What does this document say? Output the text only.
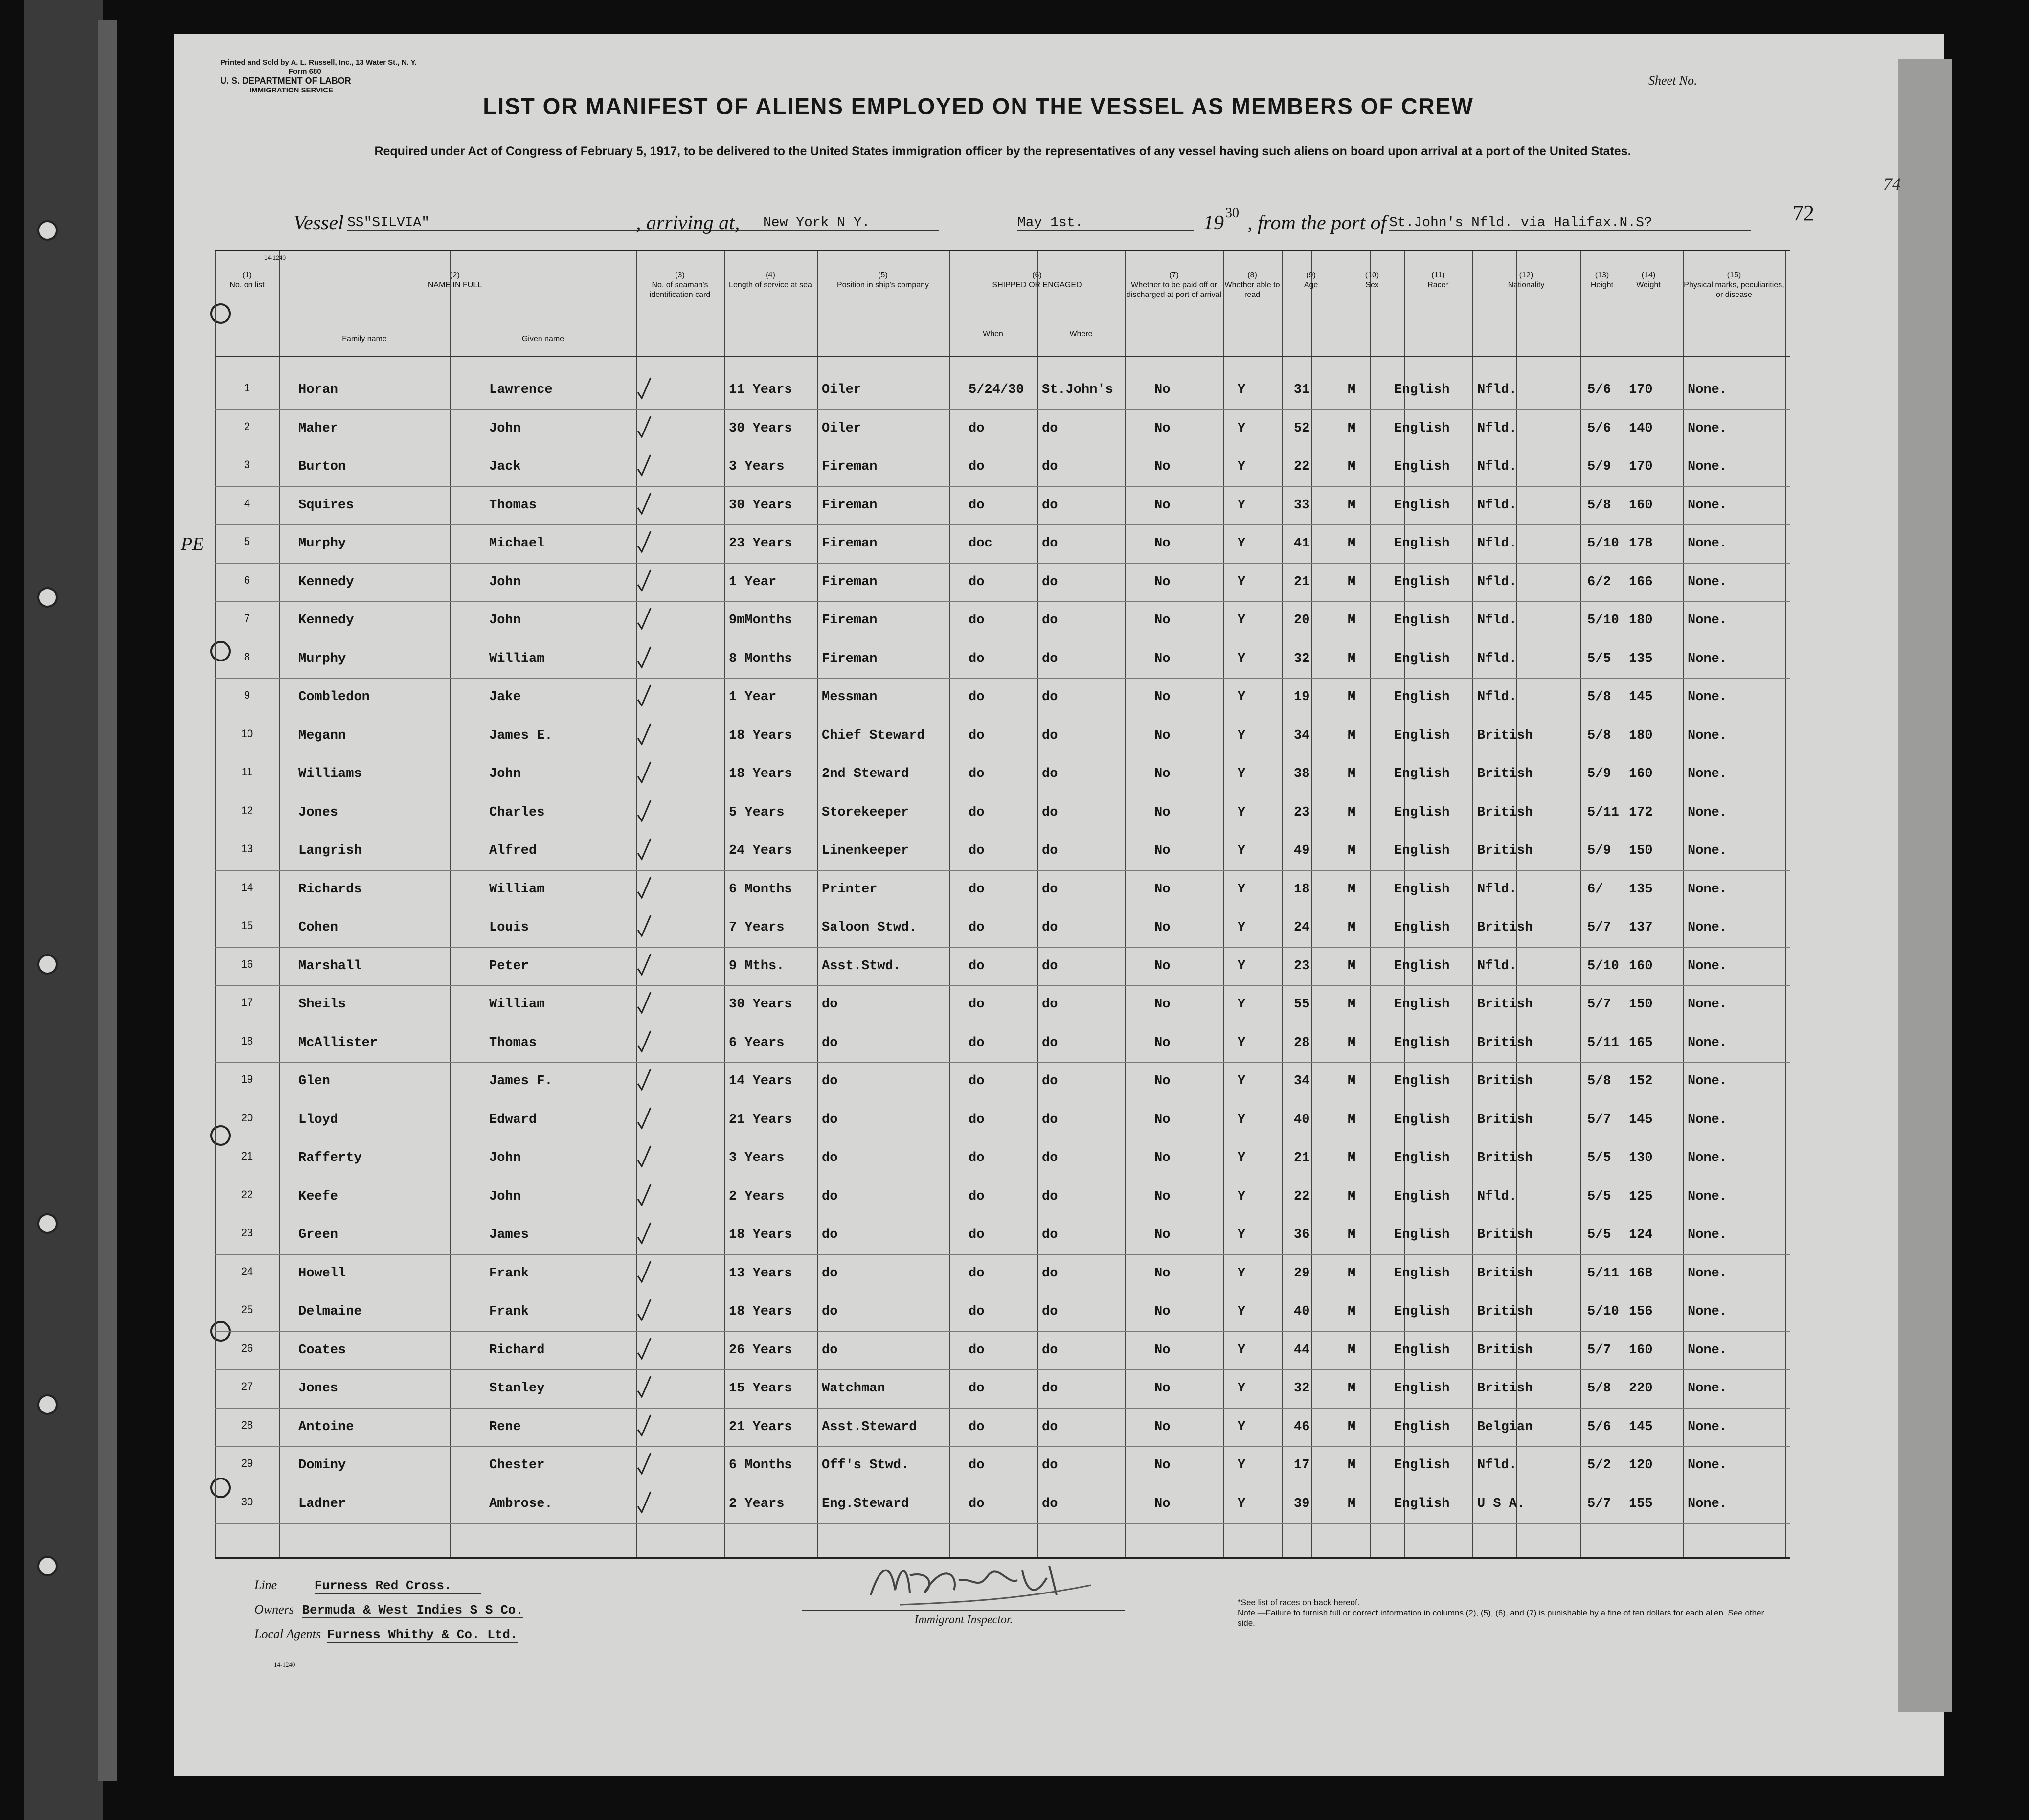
Printed and Sold by A. L. Russell, Inc., 13 Water St., N. Y.
Form 680
U. S. DEPARTMENT OF LABOR
IMMIGRATION SERVICE
Sheet No.
74
LIST OR MANIFEST OF ALIENS EMPLOYED ON THE VESSEL AS MEMBERS OF CREW
Required under Act of Congress of February 5, 1917, to be delivered to the United States immigration officer by the representatives of any vessel having such aliens on board upon arrival at a port of the United States.
Vessel SS"SILVIA"	, arriving at, New York N Y.	May 1st.	19 30 , from the port of St.John's Nfld. via Halifax.N.S?	72
14-1240
(1)
No. on list
(2)
NAME IN FULL
Family name	Given name
(3)
No. of seaman's identification card
(4)
Length of service at sea
(5)
Position in ship's company
(6)
SHIPPED OR ENGAGED
When	Where
(7)
Whether to be paid off or discharged at port of arrival
(8)
Whether able to read
(9)
Age
(10)
Sex
(11)
Race*
(12)
Nationality
(13)
Height
(14)
Weight
(15)
Physical marks, peculiarities, or disease
1	Horan	Lawrence	11 Years Oiler	5/24/30 St.John's	No	Y	31	M	English Nfld.	5/6 170	None.
2	Maher	John	30 Years Oiler	do	do	No	Y	52	M	English Nfld.	5/6 140	None.
3	Burton	Jack	3 Years	Fireman	do	do	No	Y	22	M	English Nfld.	5/9 170	None.
4	Squires	Thomas	30 Years Fireman	do	do	No	Y	33	M	English Nfld.	5/8 160	None.
5	Murphy	Michael	23 Years Fireman	doc	do	No	Y	41	M	English Nfld.	5/10 178	None.
6	Kennedy	John	1 Year	Fireman	do	do	No	Y	21	M	English Nfld.	6/2 166	None.
7	Kennedy	John	9mMonths Fireman	do	do	No	Y	20	M	English Nfld.	5/10 180	None.
8	Murphy	William	8 Months Fireman	do	do	No	Y	32	M	English Nfld.	5/5 135	None.
9	Combledon	Jake	1 Year	Messman	do	do	No	Y	19	M	English Nfld.	5/8 145	None.
10	Megann	James E.	18 Years Chief Steward	do	do	No	Y	34	M	English British	5/8 180	None.
11	Williams	John	18 Years 2nd Steward	do	do	No	Y	38	M	English British	5/9 160	None.
12	Jones	Charles	5 Years	Storekeeper	do	do	No	Y	23	M	English British	5/11 172	None.
13	Langrish	Alfred	24 Years Linenkeeper	do	do	No	Y	49	M	English British	5/9 150	None.
14	Richards	William	6 Months Printer	do	do	No	Y	18	M	English Nfld.	6/ 135	None.
15	Cohen	Louis	7 Years	Saloon Stwd.	do	do	No	Y	24	M	English British	5/7 137	None.
16	Marshall	Peter	9 Mths.	Asst.Stwd.	do	do	No	Y	23	M	English Nfld.	5/10 160	None.
17	Sheils	William	30 Years do	do	do	No	Y	55	M	English British	5/7 150	None.
18	McAllister	Thomas	6 Years	do	do	do	No	Y	28	M	English British	5/11 165	None.
19	Glen	James F.	14 Years do	do	do	No	Y	34	M	English British	5/8 152	None.
20	Lloyd	Edward	21 Years do	do	do	No	Y	40	M	English British	5/7 145	None.
21	Rafferty	John	3 Years	do	do	do	No	Y	21	M	English British	5/5 130	None.
22	Keefe	John	2 Years	do	do	do	No	Y	22	M	English Nfld.	5/5 125	None.
23	Green	James	18 Years do	do	do	No	Y	36	M	English British	5/5 124	None.
24	Howell	Frank	13 Years do	do	do	No	Y	29	M	English British	5/11 168	None.
25	Delmaine	Frank	18 Years do	do	do	No	Y	40	M	English British	5/10 156	None.
26	Coates	Richard	26 Years do	do	do	No	Y	44	M	English British	5/7 160	None.
27	Jones	Stanley	15 Years Watchman	do	do	No	Y	32	M	English British	5/8 220	None.
28	Antoine	Rene	21 Years Asst.Steward	do	do	No	Y	46	M	English Belgian	5/6 145	None.
29	Dominy	Chester	6 Months Off's Stwd.	do	do	No	Y	17	M	English Nfld.	5/2 120	None.
30	Ladner	Ambrose.	2 Years	Eng.Steward	do	do	No	Y	39	M	English U S A.	5/7 155	None.
PE
Line	Furness Red Cross.
Owners Bermuda & West Indies S S Co.
Local Agents Furness Whithy & Co. Ltd.
14-1240
Immigrant Inspector.
*See list of races on back hereof.
Note.—Failure to furnish full or correct information in columns (2), (5), (6), and (7) is punishable by a fine of ten dollars for each alien. See other side.
